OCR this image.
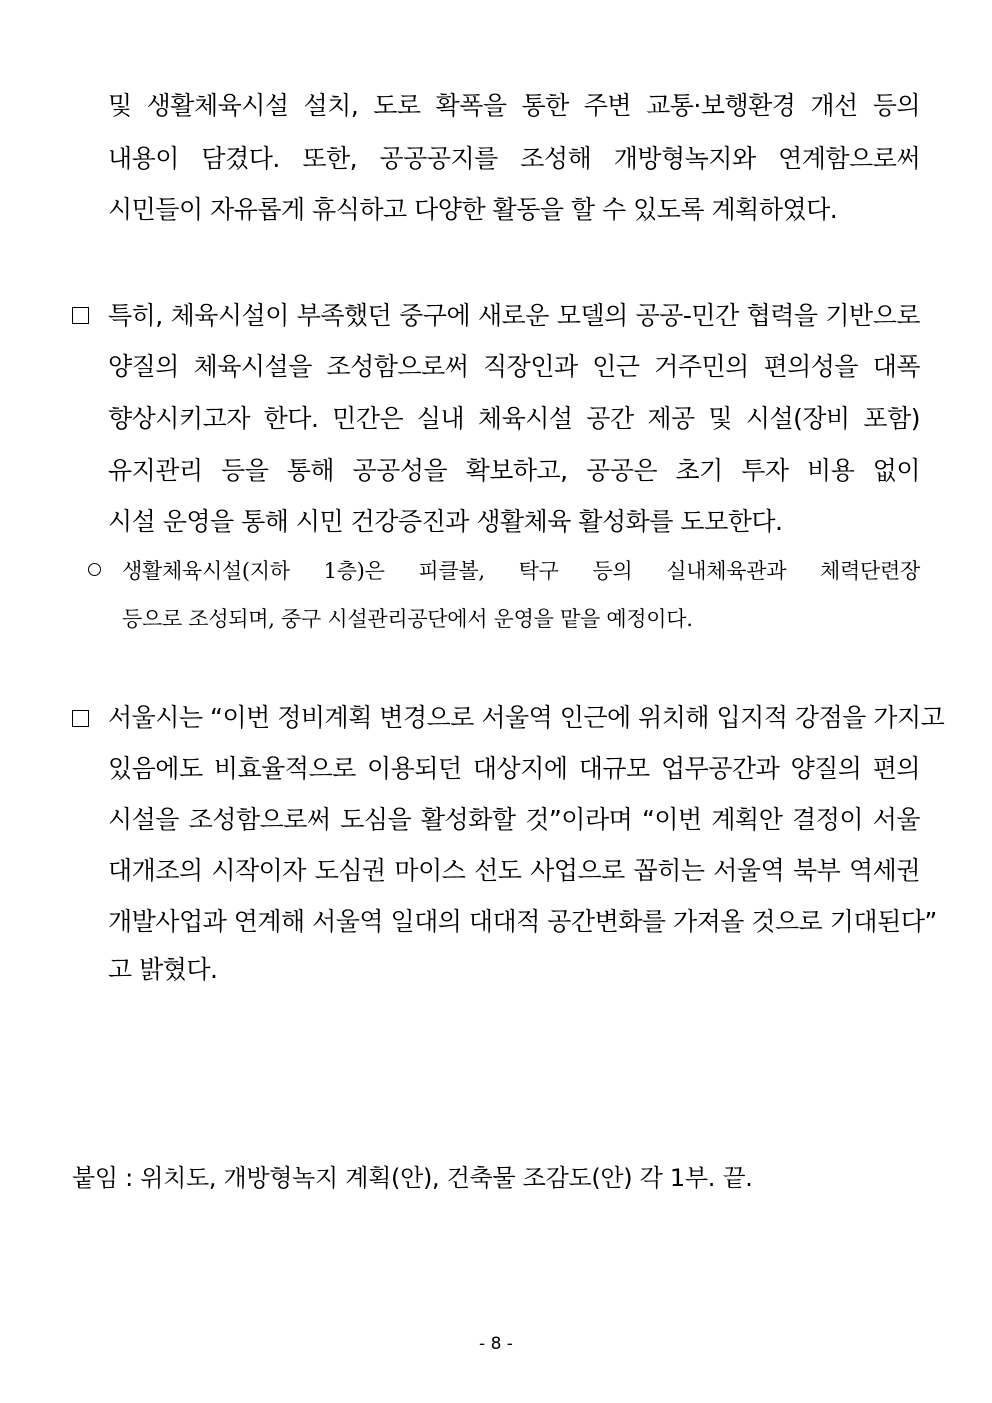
및 생활체육시설 설치, 도로 확폭을 통한 주변 교통·보행환경 개선 등의
내용이 담겼다. 또한, 공공공지를 조성해 개방형녹지와 연계함으로써
시민들이 자유롭게 휴식하고 다양한 활동을 할 수 있도록 계획하였다.
특히, 체육시설이 부족했던 중구에 새로운 모델의 공공-민간 협력을 기반으로
양질의 체육시설을 조성함으로써 직장인과 인근 거주민의 편의성을 대폭
향상시키고자 한다. 민간은 실내 체육시설 공간 제공 및 시설(장비 포함)
유지관리 등을 통해 공공성을 확보하고, 공공은 초기 투자 비용 없이
시설 운영을 통해 시민 건강증진과 생활체육 활성화를 도모한다.
생활체육시설(지하 1층)은 피클볼, 탁구 등의 실내체육관과 체력단련장
등으로 조성되며, 중구 시설관리공단에서 운영을 맡을 예정이다.
서울시는 “이번 정비계획 변경으로 서울역 인근에 위치해 입지적 강점을 가지고
있음에도 비효율적으로 이용되던 대상지에 대규모 업무공간과 양질의 편의
시설을 조성함으로써 도심을 활성화할 것”이라며 “이번 계획안 결정이 서울
대개조의 시작이자 도심권 마이스 선도 사업으로 꼽히는 서울역 북부 역세권
개발사업과 연계해 서울역 일대의 대대적 공간변화를 가져올 것으로 기대된다”
고 밝혔다.
붙임 : 위치도, 개방형녹지 계획(안), 건축물 조감도(안) 각 1부. 끝.
- 8 -
